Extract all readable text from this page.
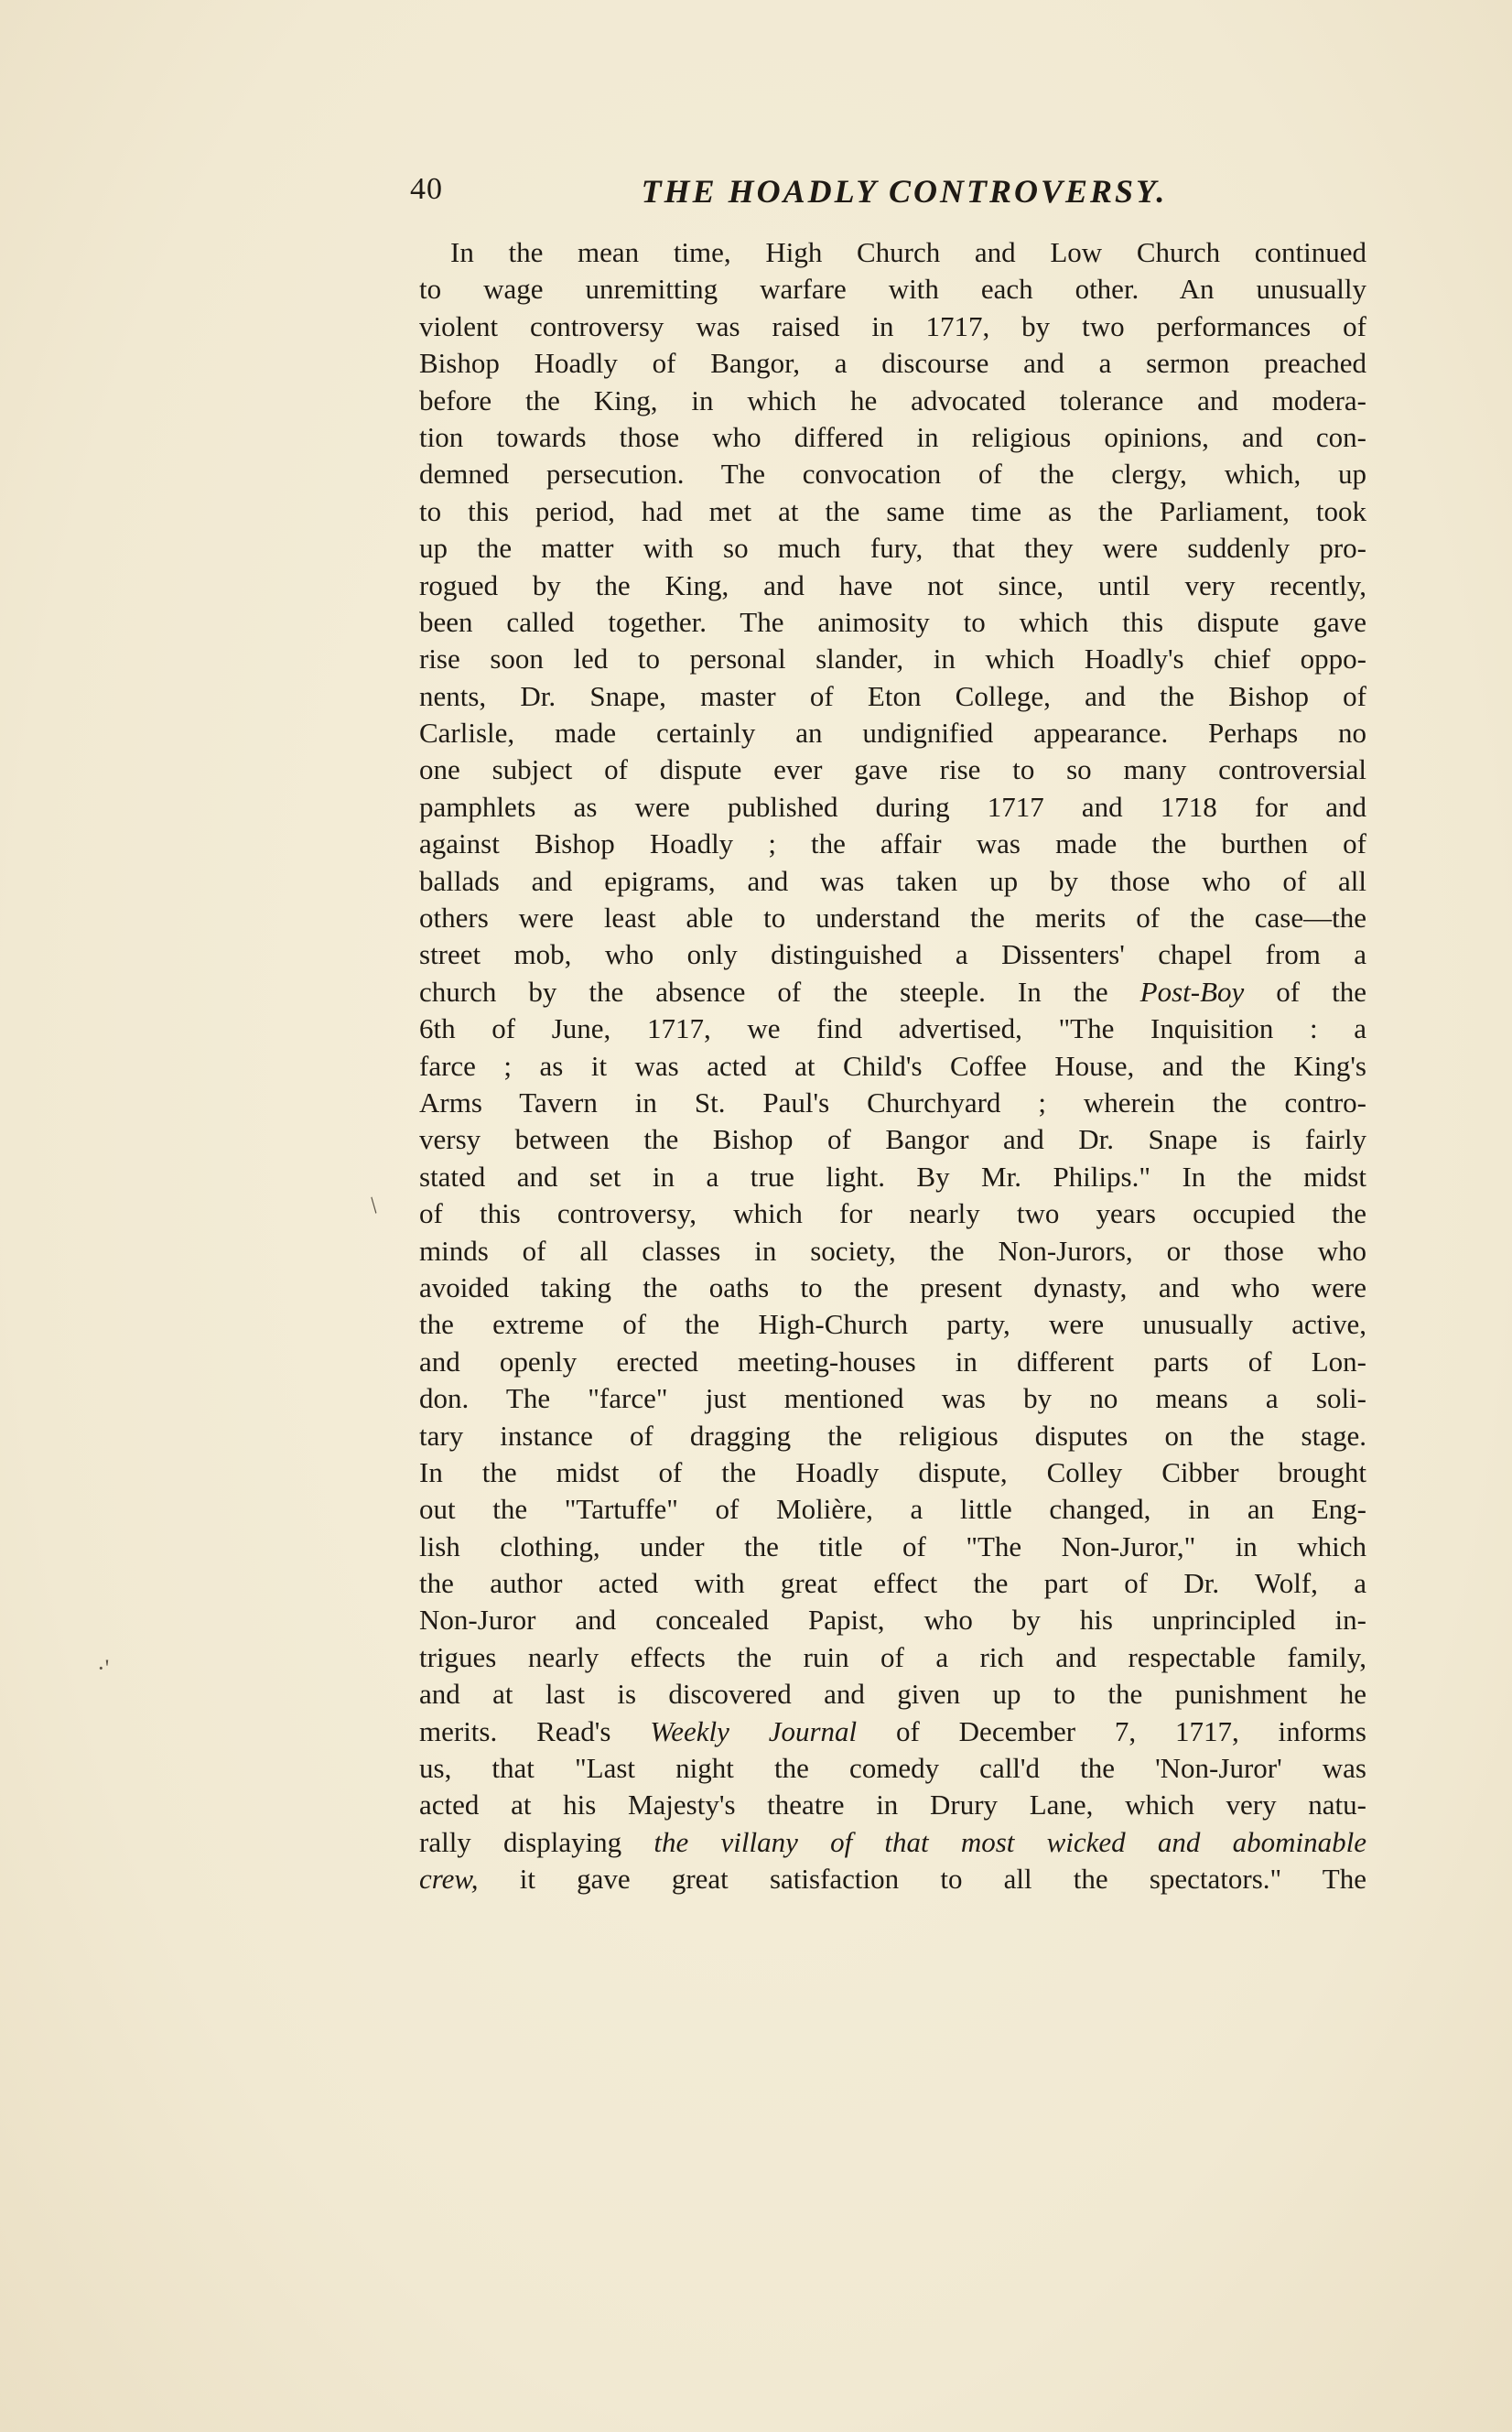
40	THE HOADLY CONTROVERSY.
/
·'
In the mean time, High Church and Low Church continued
to wage unremitting warfare with each other. An unusually
violent controversy was raised in 1717, by two performances of
Bishop Hoadly of Bangor, a discourse and a sermon preached
before the King, in which he advocated tolerance and modera-
tion towards those who differed in religious opinions, and con-
demned persecution. The convocation of the clergy, which, up
to this period, had met at the same time as the Parliament, took
up the matter with so much fury, that they were suddenly pro-
rogued by the King, and have not since, until very recently,
been called together. The animosity to which this dispute gave
rise soon led to personal slander, in which Hoadly's chief oppo-
nents, Dr. Snape, master of Eton College, and the Bishop of
Carlisle, made certainly an undignified appearance. Perhaps no
one subject of dispute ever gave rise to so many controversial
pamphlets as were published during 1717 and 1718 for and
against Bishop Hoadly ; the affair was made the burthen of
ballads and epigrams, and was taken up by those who of all
others were least able to understand the merits of the case—the
street mob, who only distinguished a Dissenters' chapel from a
church by the absence of the steeple. In the Post-Boy of the
6th of June, 1717, we find advertised, "The Inquisition : a
farce ; as it was acted at Child's Coffee House, and the King's
Arms Tavern in St. Paul's Churchyard ; wherein the contro-
versy between the Bishop of Bangor and Dr. Snape is fairly
stated and set in a true light. By Mr. Philips." In the midst
of this controversy, which for nearly two years occupied the
minds of all classes in society, the Non-Jurors, or those who
avoided taking the oaths to the present dynasty, and who were
the extreme of the High-Church party, were unusually active,
and openly erected meeting-houses in different parts of Lon-
don. The "farce" just mentioned was by no means a soli-
tary instance of dragging the religious disputes on the stage.
In the midst of the Hoadly dispute, Colley Cibber brought
out the "Tartuffe" of Molière, a little changed, in an Eng-
lish clothing, under the title of "The Non-Juror," in which
the author acted with great effect the part of Dr. Wolf, a
Non-Juror and concealed Papist, who by his unprincipled in-
trigues nearly effects the ruin of a rich and respectable family,
and at last is discovered and given up to the punishment he
merits. Read's Weekly Journal of December 7, 1717, informs
us, that "Last night the comedy call'd the 'Non-Juror' was
acted at his Majesty's theatre in Drury Lane, which very natu-
rally displaying the villany of that most wicked and abominable
crew, it gave great satisfaction to all the spectators." The
